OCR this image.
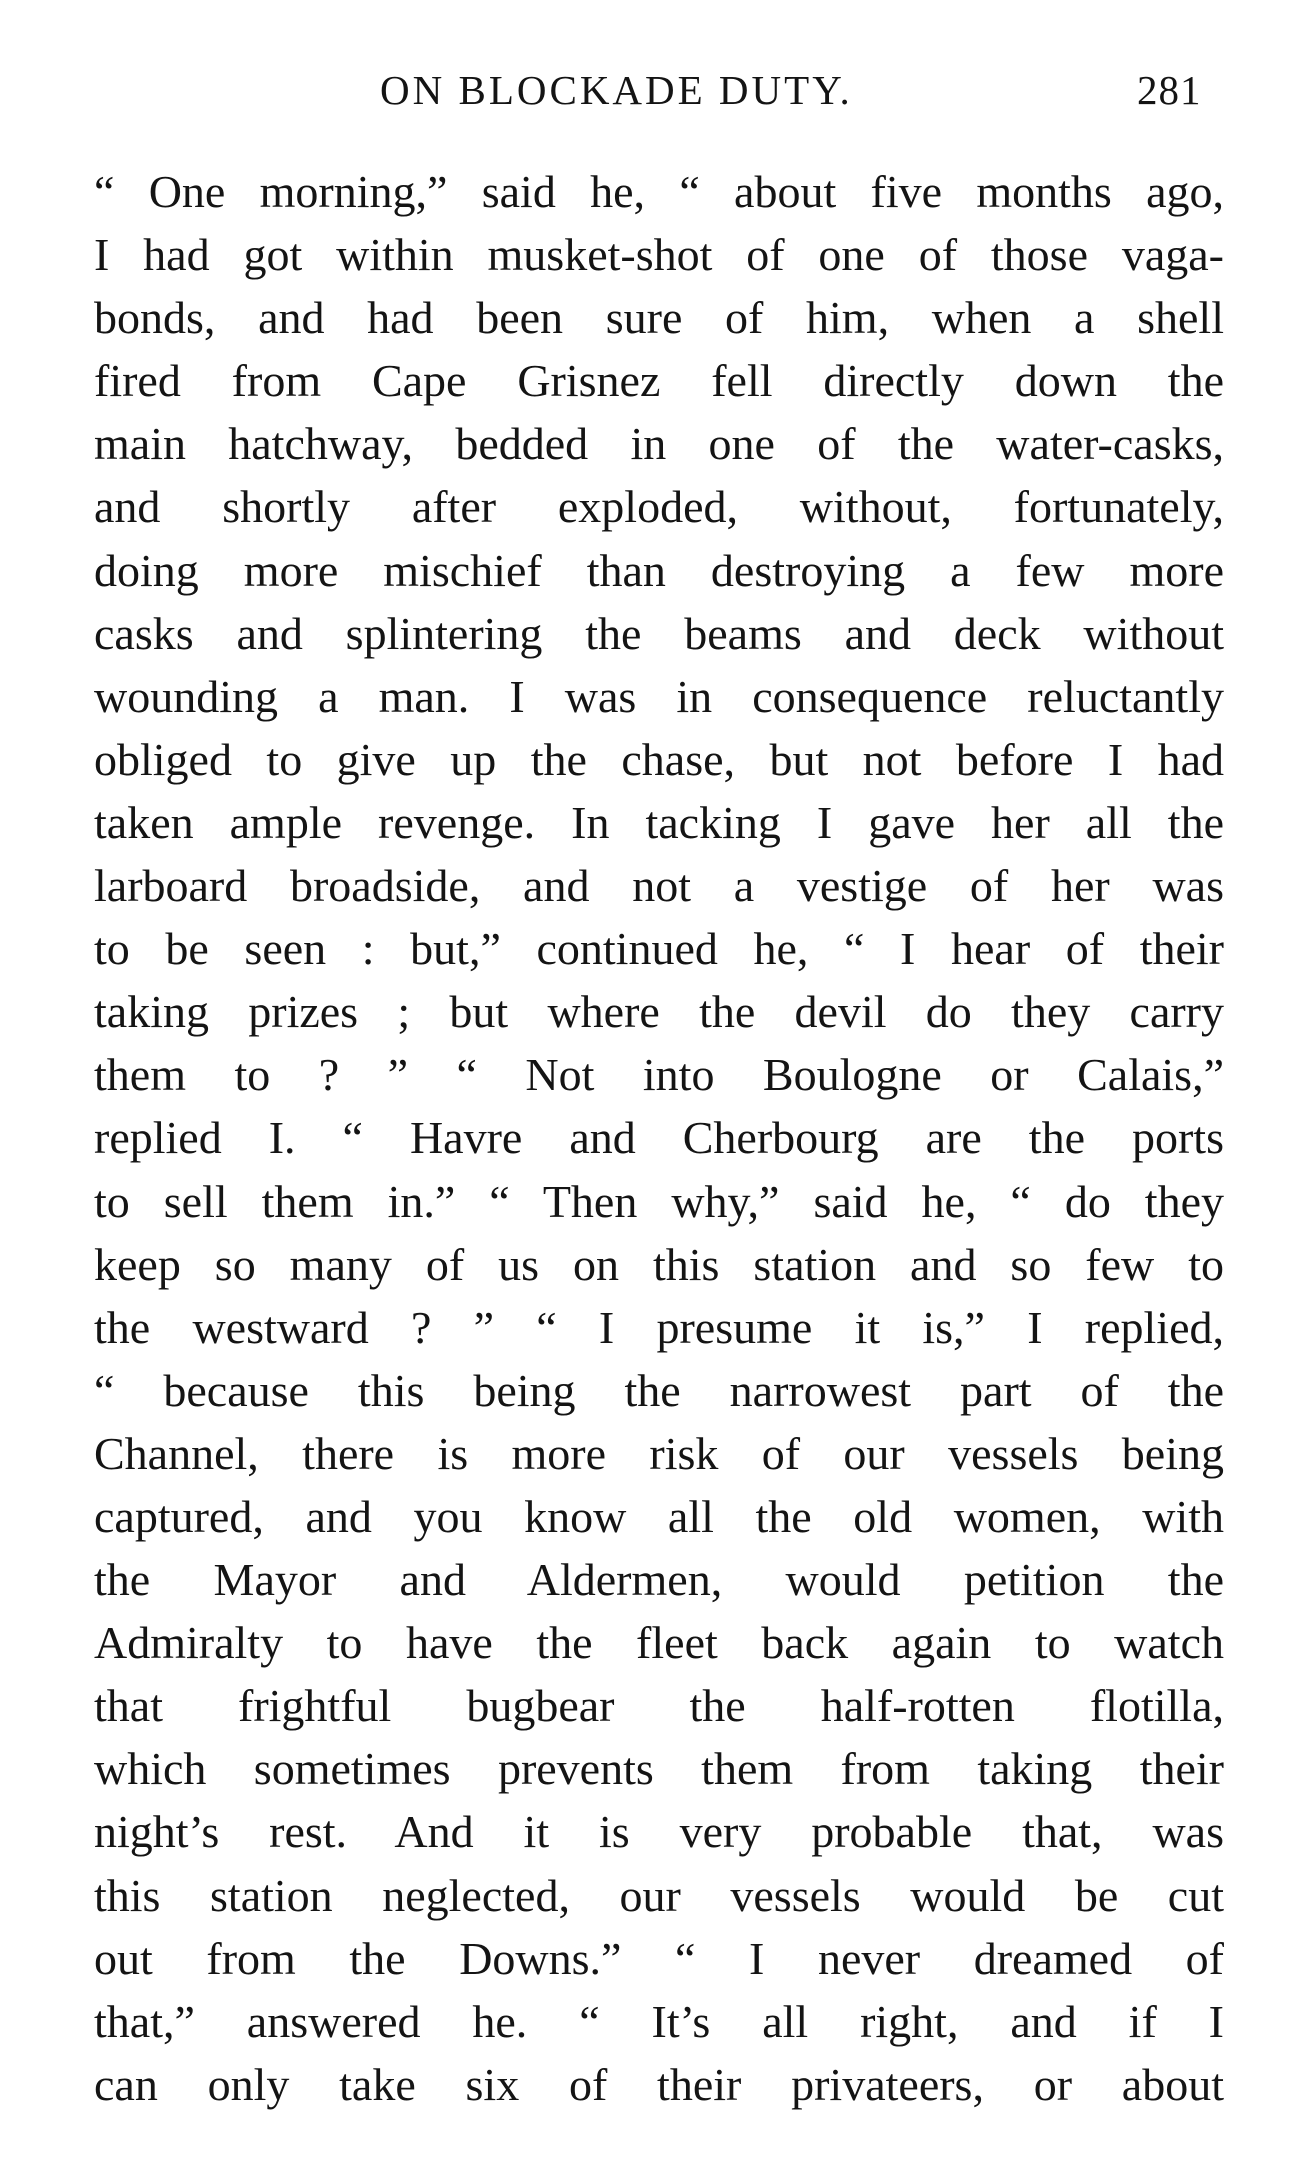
ON BLOCKADE DUTY.	281
“ One morning,” said he, “ about five months ago,
I had got within musket-shot of one of those vaga-
bonds, and had been sure of him, when a shell
fired from Cape Grisnez fell directly down the
main hatchway, bedded in one of the water-casks,
and shortly after exploded, without, fortunately,
doing more mischief than destroying a few more
casks and splintering the beams and deck without
wounding a man. I was in consequence reluctantly
obliged to give up the chase, but not before I had
taken ample revenge. In tacking I gave her all the
larboard broadside, and not a vestige of her was
to be seen : but,” continued he, “ I hear of their
taking prizes ; but where the devil do they carry
them to ? ” “ Not into Boulogne or Calais,”
replied I. “ Havre and Cherbourg are the ports
to sell them in.” “ Then why,” said he, “ do they
keep so many of us on this station and so few to
the westward ? ” “ I presume it is,” I replied,
“ because this being the narrowest part of the
Channel, there is more risk of our vessels being
captured, and you know all the old women, with
the Mayor and Aldermen, would petition the
Admiralty to have the fleet back again to watch
that frightful bugbear the half-rotten flotilla,
which sometimes prevents them from taking their
night’s rest. And it is very probable that, was
this station neglected, our vessels would be cut
out from the Downs.” “ I never dreamed of
that,” answered he. “ It’s all right, and if I
can only take six of their privateers, or about
